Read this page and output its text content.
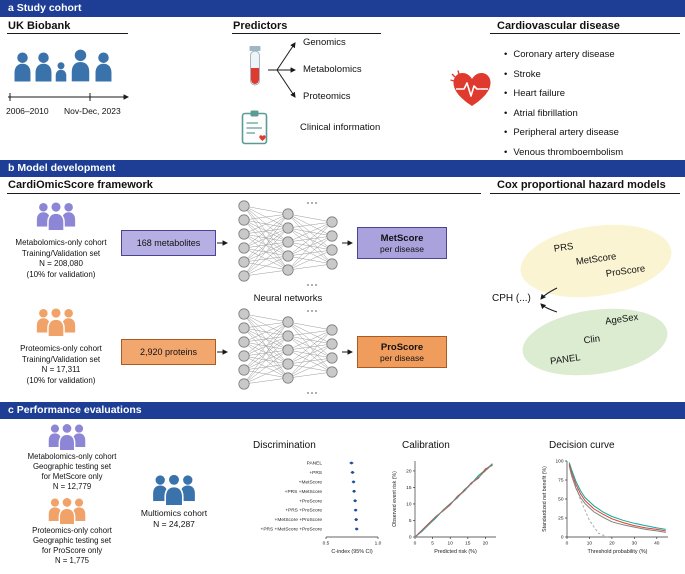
a Study cohort
UK Biobank
2006–2010 Nov-Dec, 2023
Predictors
Genomics
Metabolomics
Proteomics
Clinical information
Cardiovascular disease
• Coronary artery disease
• Stroke
• Heart failure
• Atrial fibrillation
• Peripheral artery disease
• Venous thromboembolism
b Model development
CardiOmicScore framework	Cox proportional hazard models
Metabolomics-only cohort
Training/Validation set
N = 208,080
(10% for validation)
168 metabolites	MetScore
per disease
Neural networks
Proteomics-only cohort
Training/Validation set
N = 17,311
(10% for validation)
2,920 proteins	ProScore
per disease
PRS
MetScore
ProScore
AgeSex
Clin
PANEL
CPH (...)
c Performance evaluations
Metabolomics-only cohort
Geographic testing set
for MetScore only
N = 12,779
Proteomics-only cohort
Geographic testing set
for ProScore only
N = 1,775
Multiomics cohort
N = 24,287
Discrimination	Calibration	Decision curve
0.5	1.0
PANEL
+PRS
+MetScore
+PRS +MetScore
+ProScore
+PRS +ProScore
+MetScore +ProScore
+PRS +MetScore +ProScore
C-index (95% CI)
0	5	10	15	20
0
5
10
15
20
Predicted risk (%)
Observed event risk (%)
0	10	20	30	40
0
25
50
75
100
Threshold probability (%)
Standardized net benefit (%)
